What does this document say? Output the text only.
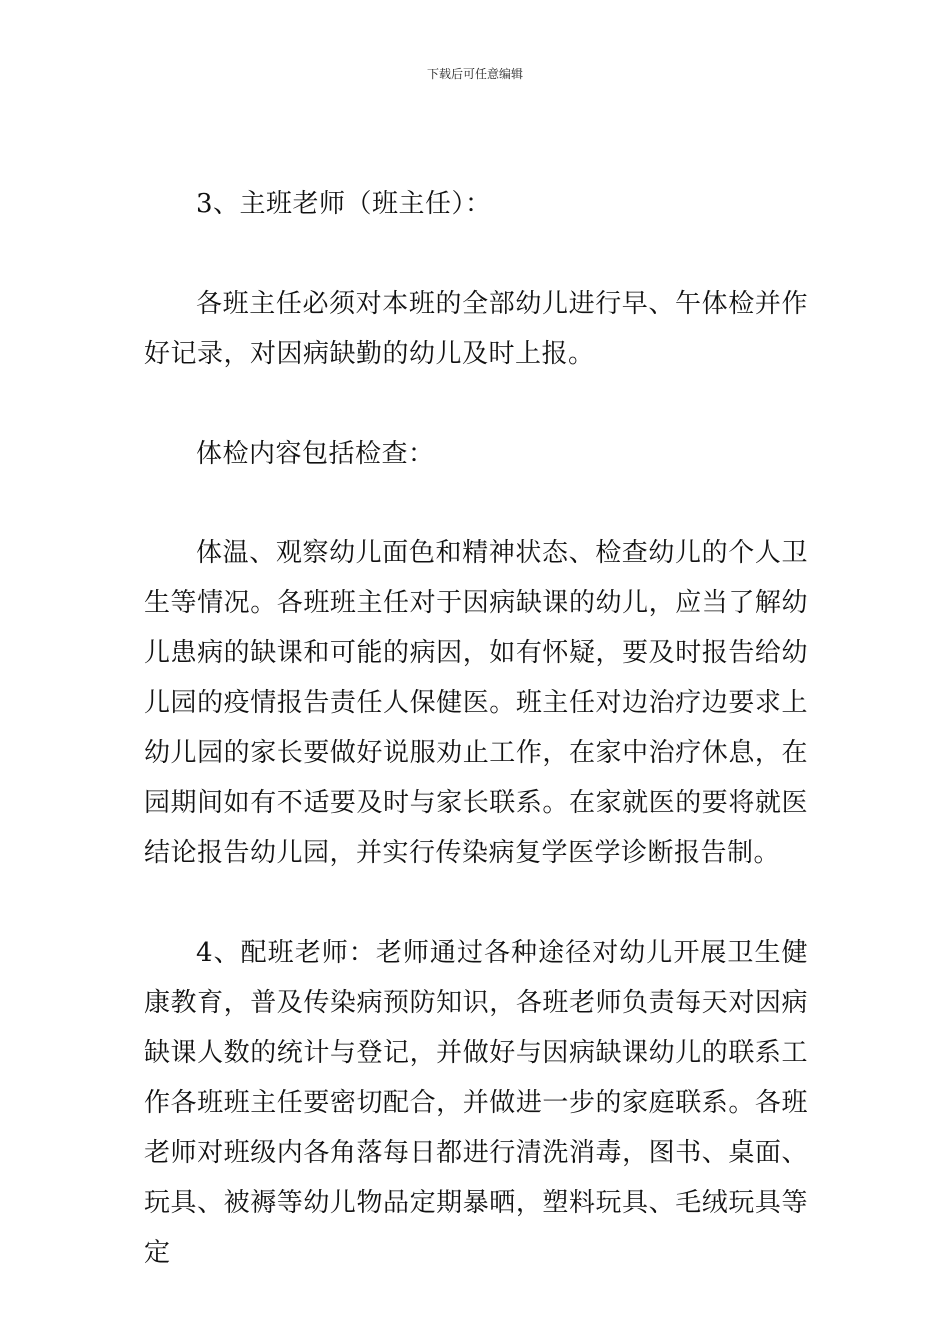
下载后可任意编辑

3、主班老师（班主任）：

各班主任必须对本班的全部幼儿进行早、午体检并作好记录，对因病缺勤的幼儿及时上报。

体检内容包括检查：

体温、观察幼儿面色和精神状态、检查幼儿的个人卫生等情况。各班班主任对于因病缺课的幼儿，应当了解幼儿患病的缺课和可能的病因，如有怀疑，要及时报告给幼儿园的疫情报告责任人保健医。班主任对边治疗边要求上幼儿园的家长要做好说服劝止工作，在家中治疗休息，在园期间如有不适要及时与家长联系。在家就医的要将就医结论报告幼儿园，并实行传染病复学医学诊断报告制。

4、配班老师：老师通过各种途径对幼儿开展卫生健康教育，普及传染病预防知识，各班老师负责每天对因病缺课人数的统计与登记，并做好与因病缺课幼儿的联系工作各班班主任要密切配合，并做进一步的家庭联系。各班老师对班级内各角落每日都进行清洗消毒，图书、桌面、玩具、被褥等幼儿物品定期暴晒，塑料玩具、毛绒玩具等定
